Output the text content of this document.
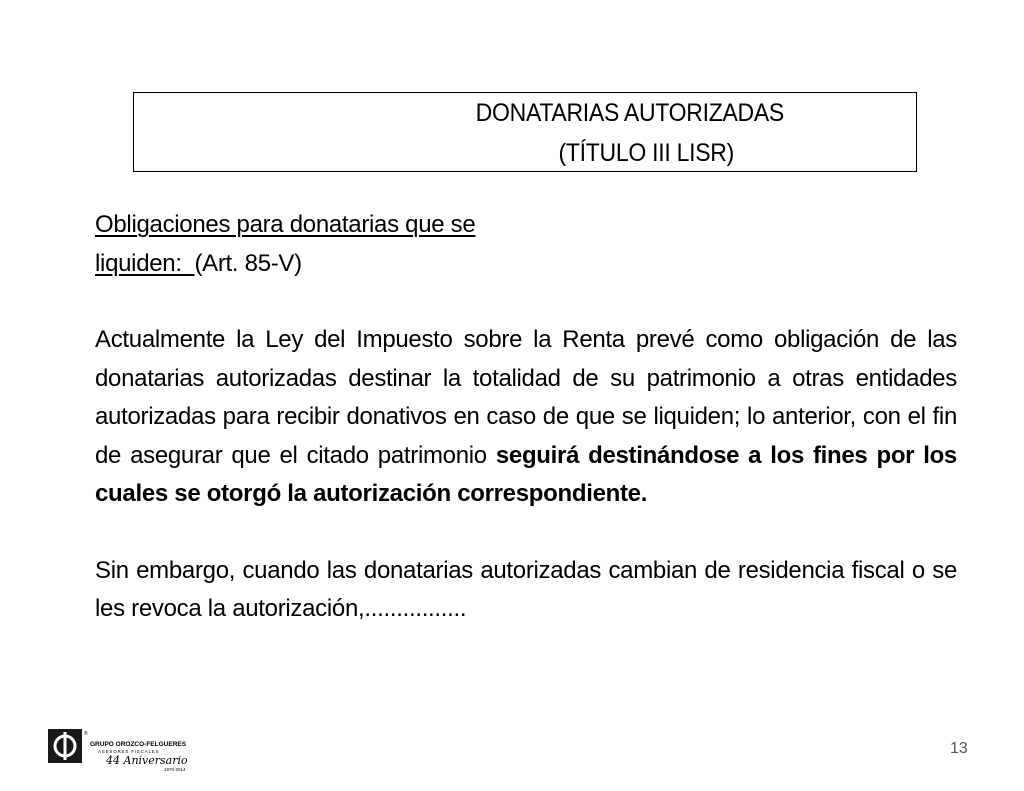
DONATARIAS AUTORIZADAS
(TÍTULO III LISR)
Obligaciones para donatarias que se
liquiden:  (Art. 85-V)

Actualmente la Ley del Impuesto sobre la Renta prevé como obligación de las donatarias autorizadas destinar la totalidad de su patrimonio a otras entidades autorizadas para recibir donativos en caso de que se liquiden; lo anterior, con el fin de asegurar que el citado patrimonio seguirá destinándose a los fines por los cuales se otorgó la autorización correspondiente.

Sin embargo, cuando las donatarias autorizadas cambian de residencia fiscal o se les revoca la autorización,................

®
GRUPO OROZCO-FELGUERES
ASESORES FISCALES
44 Aniversario
1970-2014
13
